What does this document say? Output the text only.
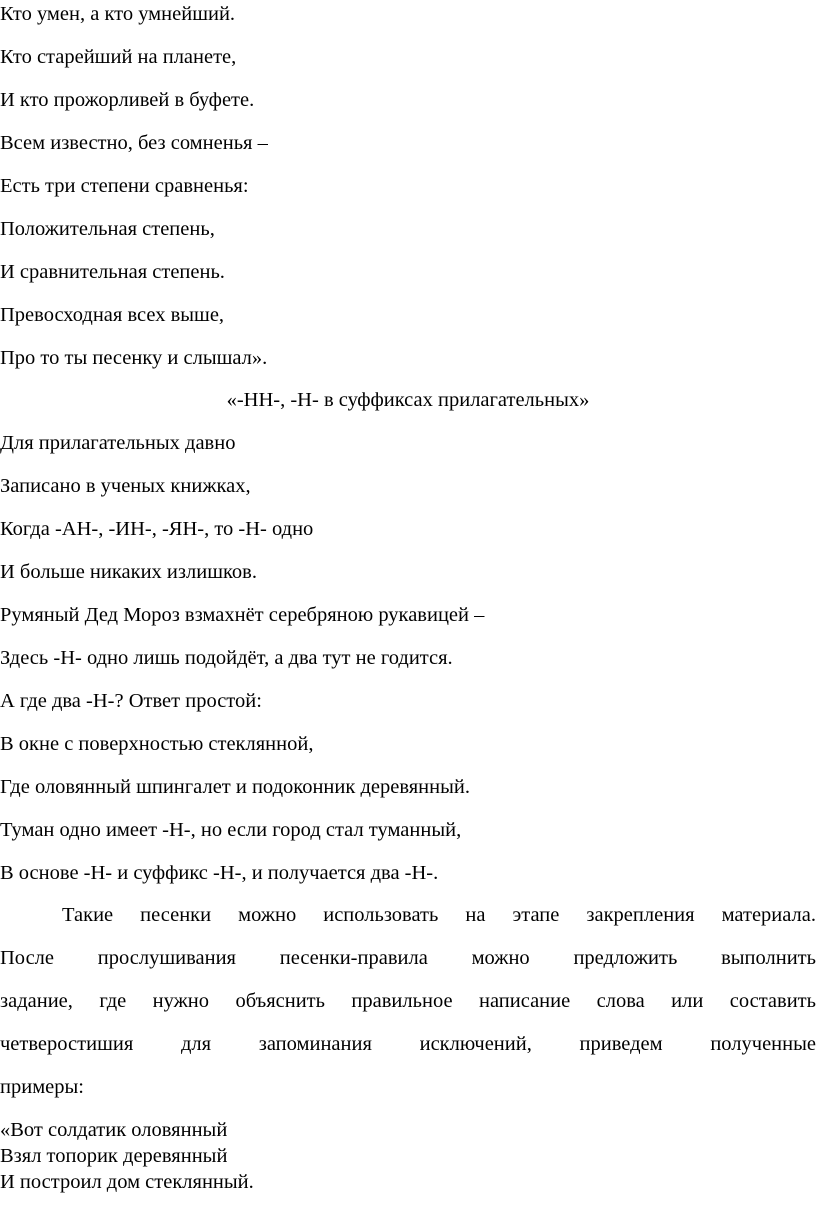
Кто умен, а кто умнейший.
Кто старейший на планете,
И кто прожорливей в буфете.
Всем известно, без сомненья –
Есть три степени сравненья:
Положительная степень,
И сравнительная степень.
Превосходная всех выше,
Про то ты песенку и слышал».
«-НН-, -Н- в суффиксах прилагательных»
Для прилагательных давно
Записано в ученых книжках,
Когда -АН-, -ИН-, -ЯН-, то -Н- одно
И больше никаких излишков.
Румяный Дед Мороз взмахнёт серебряною рукавицей –
Здесь -Н- одно лишь подойдёт, а два тут не годится.
А где два -Н-? Ответ простой:
В окне с поверхностью стеклянной,
Где оловянный шпингалет и подоконник деревянный.
Туман одно имеет -Н-, но если город стал туманный,
В основе -Н- и суффикс -Н-, и получается два -Н-.
Такие песенки можно использовать на этапе закрепления материала.
После прослушивания песенки-правила можно предложить выполнить
задание, где нужно объяснить правильное написание слова или составить
четверостишия для запоминания исключений, приведем полученные
примеры:
«Вот солдатик оловянный
Взял топорик деревянный
И построил дом стеклянный.
